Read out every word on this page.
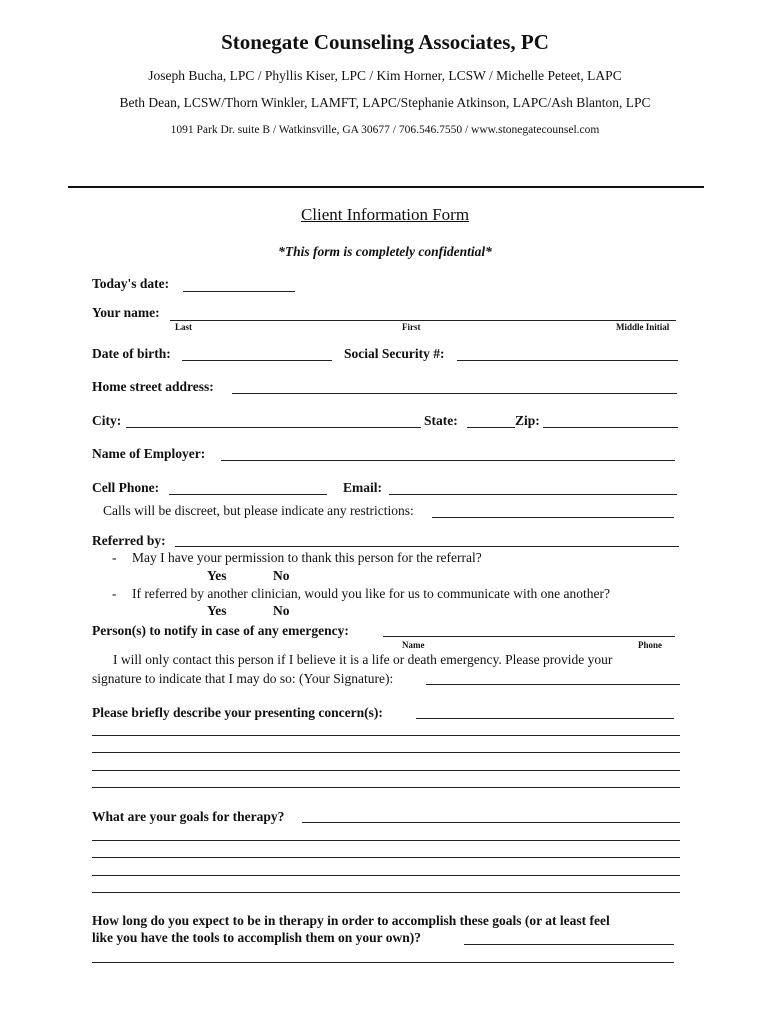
Stonegate Counseling Associates, PC
Joseph Bucha, LPC / Phyllis Kiser, LPC / Kim Horner, LCSW / Michelle Peteet, LAPC
Beth Dean, LCSW/Thorn Winkler, LAMFT, LAPC/Stephanie Atkinson, LAPC/Ash Blanton, LPC
1091 Park Dr. suite B / Watkinsville, GA 30677 / 706.546.7550 / www.stonegatecounsel.com
Client Information Form
*This form is completely confidential*
Today's date:
Your name:
Last	First	Middle Initial
Date of birth:	Social Security #:
Home street address:
City:	State:	Zip:
Name of Employer:
Cell Phone:	Email:
Calls will be discreet, but please indicate any restrictions:
Referred by:
- May I have your permission to thank this person for the referral?
Yes	No
- If referred by another clinician, would you like for us to communicate with one another?
Yes	No
Person(s) to notify in case of any emergency:
Name	Phone
I will only contact this person if I believe it is a life or death emergency. Please provide your
signature to indicate that I may do so: (Your Signature):
Please briefly describe your presenting concern(s):
What are your goals for therapy?
How long do you expect to be in therapy in order to accomplish these goals (or at least feel
like you have the tools to accomplish them on your own)?
